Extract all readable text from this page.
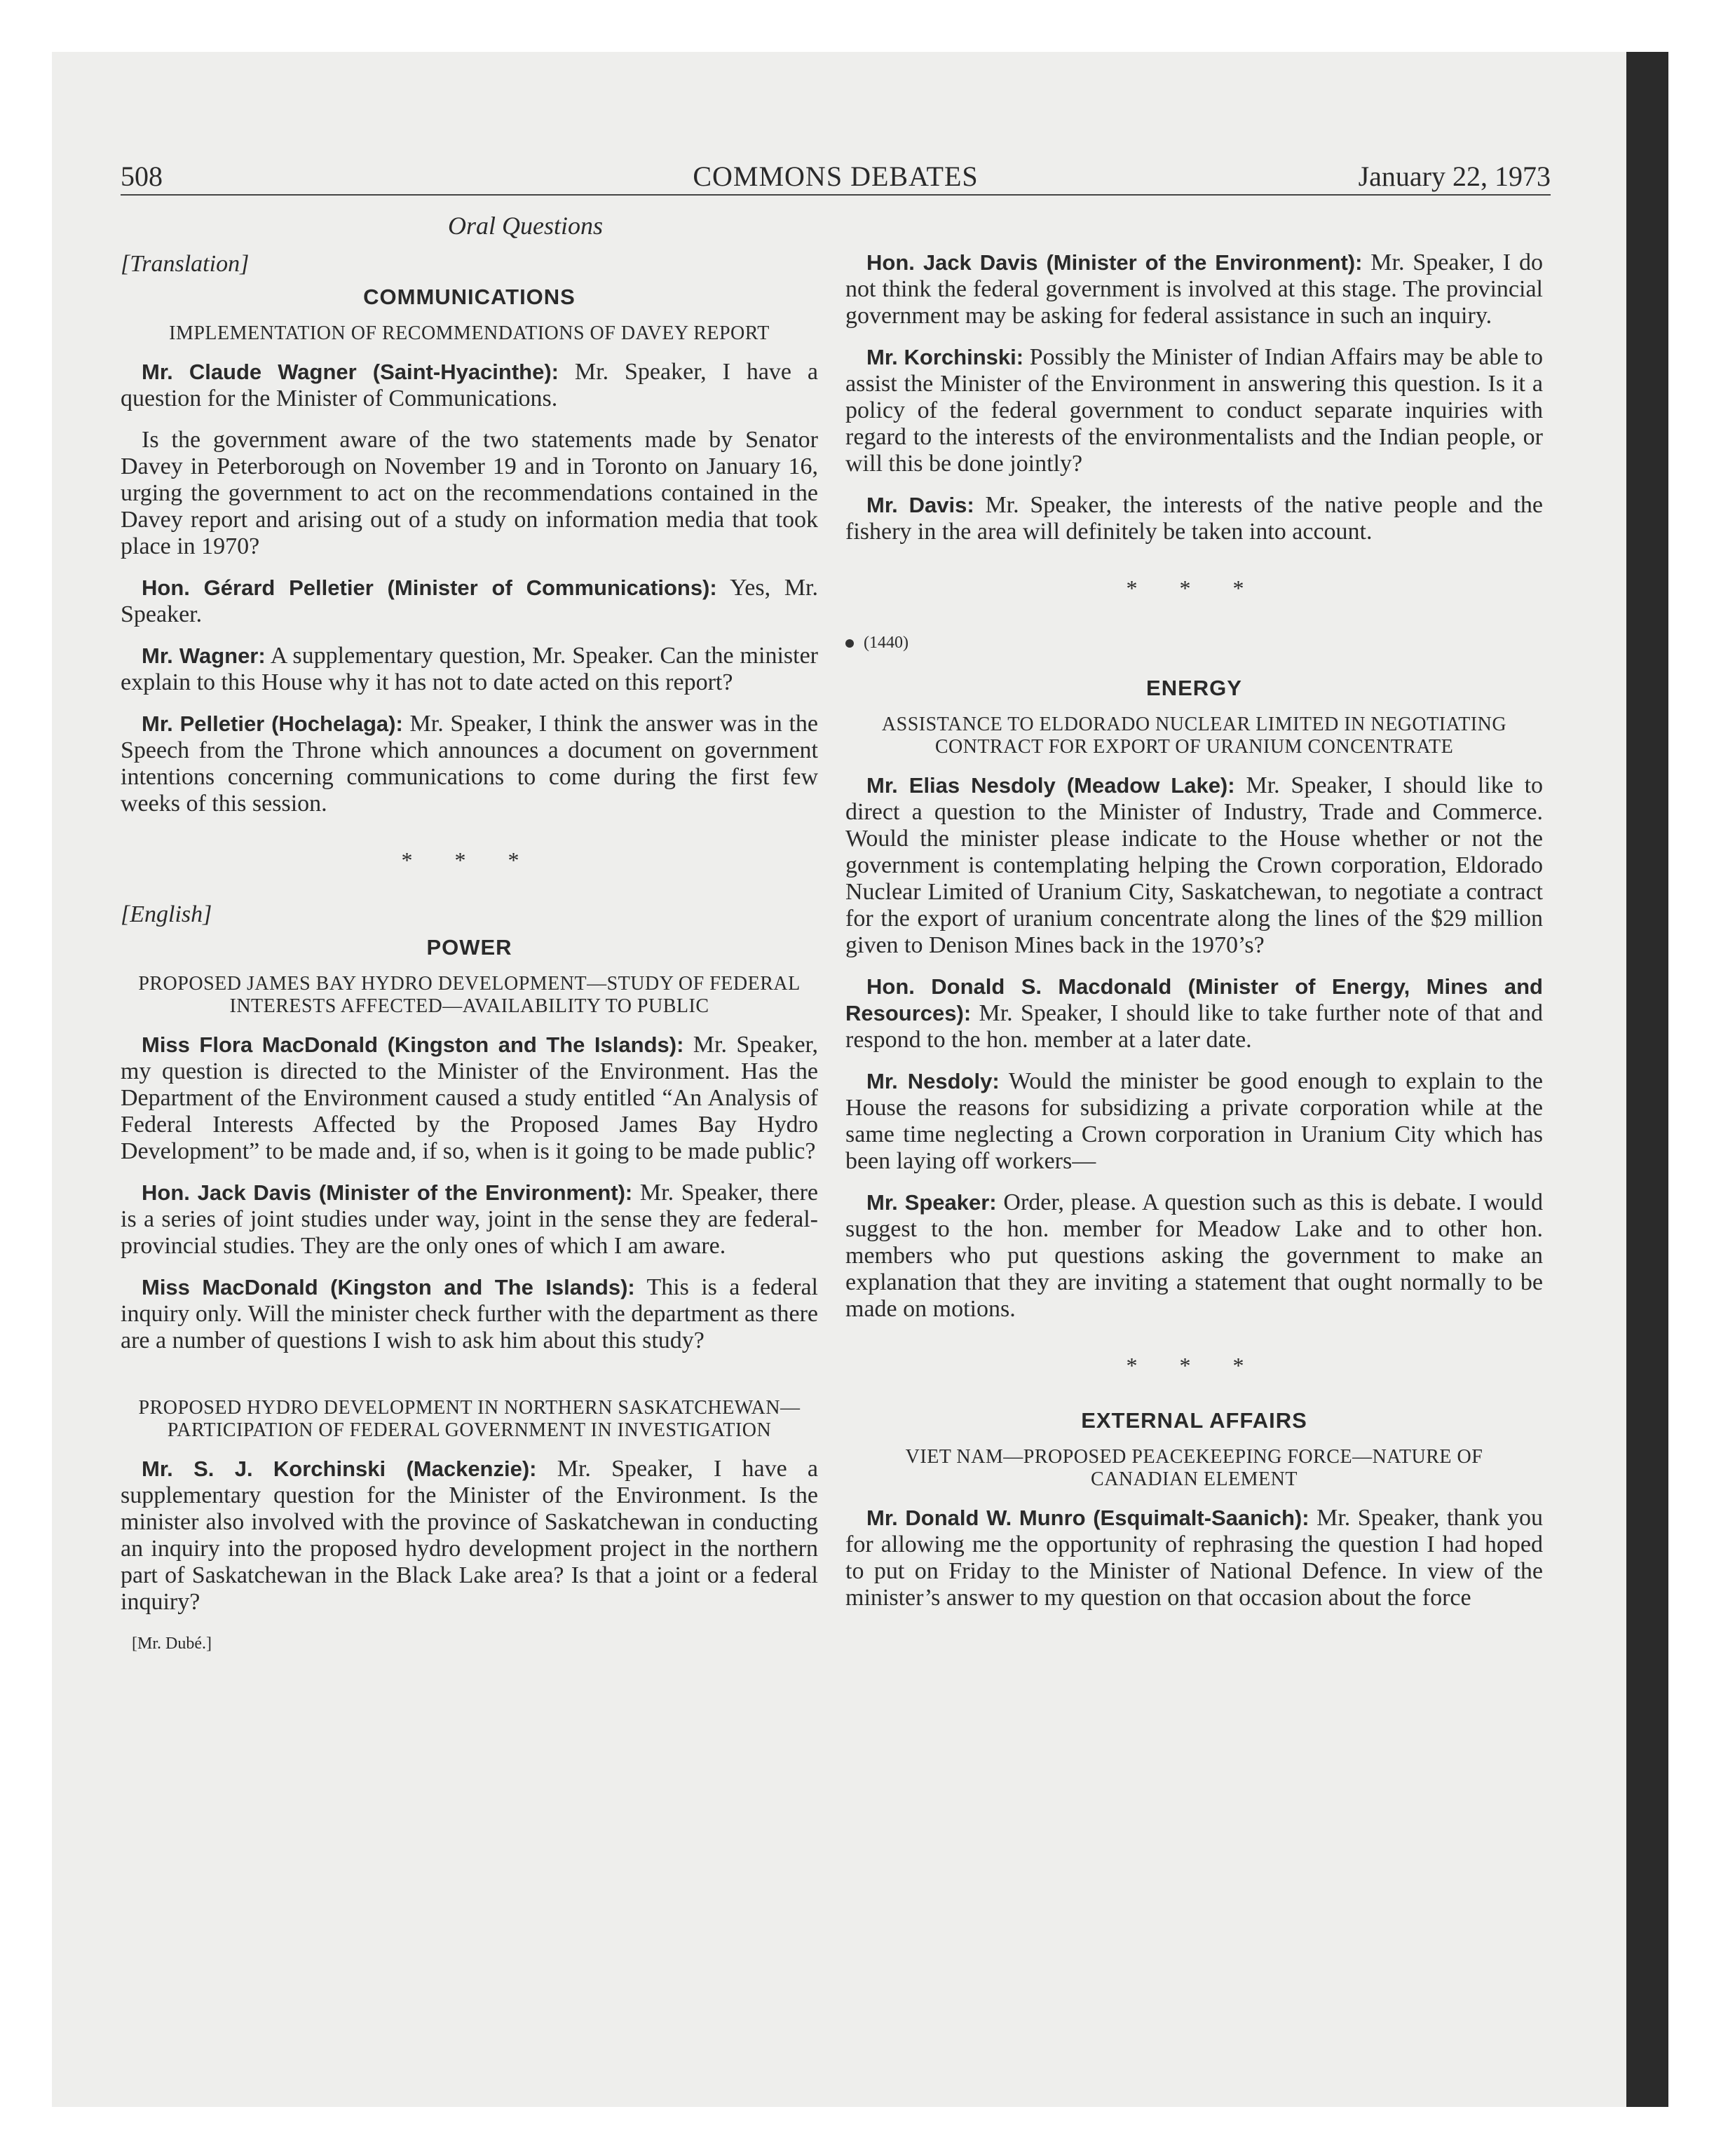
508	COMMONS DEBATES	January 22, 1973
Oral Questions
[Translation]
COMMUNICATIONS
IMPLEMENTATION OF RECOMMENDATIONS OF DAVEY REPORT

Mr. Claude Wagner (Saint-Hyacinthe): Mr. Speaker, I have a question for the Minister of Communications.

Is the government aware of the two statements made by Senator Davey in Peterborough on November 19 and in Toronto on January 16, urging the government to act on the recommendations contained in the Davey report and arising out of a study on information media that took place in 1970?

Hon. Gérard Pelletier (Minister of Communications): Yes, Mr. Speaker.

Mr. Wagner: A supplementary question, Mr. Speaker. Can the minister explain to this House why it has not to date acted on this report?

Mr. Pelletier (Hochelaga): Mr. Speaker, I think the answer was in the Speech from the Throne which announces a document on government intentions concerning communications to come during the first few weeks of this session.

* * *
[English]
POWER
PROPOSED JAMES BAY HYDRO DEVELOPMENT—STUDY OF FEDERAL INTERESTS AFFECTED—AVAILABILITY TO PUBLIC

Miss Flora MacDonald (Kingston and The Islands): Mr. Speaker, my question is directed to the Minister of the Environment. Has the Department of the Environment caused a study entitled “An Analysis of Federal Interests Affected by the Proposed James Bay Hydro Development” to be made and, if so, when is it going to be made public?

Hon. Jack Davis (Minister of the Environment): Mr. Speaker, there is a series of joint studies under way, joint in the sense they are federal-provincial studies. They are the only ones of which I am aware.

Miss MacDonald (Kingston and The Islands): This is a federal inquiry only. Will the minister check further with the department as there are a number of questions I wish to ask him about this study?

PROPOSED HYDRO DEVELOPMENT IN NORTHERN SASKATCHEWAN—PARTICIPATION OF FEDERAL GOVERNMENT IN INVESTIGATION

Mr. S. J. Korchinski (Mackenzie): Mr. Speaker, I have a supplementary question for the Minister of the Environment. Is the minister also involved with the province of Saskatchewan in conducting an inquiry into the proposed hydro development project in the northern part of Saskatchewan in the Black Lake area? Is that a joint or a federal inquiry?

[Mr. Dubé.]

Hon. Jack Davis (Minister of the Environment): Mr. Speaker, I do not think the federal government is involved at this stage. The provincial government may be asking for federal assistance in such an inquiry.

Mr. Korchinski: Possibly the Minister of Indian Affairs may be able to assist the Minister of the Environment in answering this question. Is it a policy of the federal government to conduct separate inquiries with regard to the interests of the environmentalists and the Indian people, or will this be done jointly?

Mr. Davis: Mr. Speaker, the interests of the native people and the fishery in the area will definitely be taken into account.

* * *
(1440)
ENERGY
ASSISTANCE TO ELDORADO NUCLEAR LIMITED IN NEGOTIATING CONTRACT FOR EXPORT OF URANIUM CONCENTRATE

Mr. Elias Nesdoly (Meadow Lake): Mr. Speaker, I should like to direct a question to the Minister of Industry, Trade and Commerce. Would the minister please indicate to the House whether or not the government is contemplating helping the Crown corporation, Eldorado Nuclear Limited of Uranium City, Saskatchewan, to negotiate a contract for the export of uranium concentrate along the lines of the $29 million given to Denison Mines back in the 1970’s?

Hon. Donald S. Macdonald (Minister of Energy, Mines and Resources): Mr. Speaker, I should like to take further note of that and respond to the hon. member at a later date.

Mr. Nesdoly: Would the minister be good enough to explain to the House the reasons for subsidizing a private corporation while at the same time neglecting a Crown corporation in Uranium City which has been laying off workers—

Mr. Speaker: Order, please. A question such as this is debate. I would suggest to the hon. member for Meadow Lake and to other hon. members who put questions asking the government to make an explanation that they are inviting a statement that ought normally to be made on motions.

* * *
EXTERNAL AFFAIRS
VIET NAM—PROPOSED PEACEKEEPING FORCE—NATURE OF CANADIAN ELEMENT

Mr. Donald W. Munro (Esquimalt-Saanich): Mr. Speaker, thank you for allowing me the opportunity of rephrasing the question I had hoped to put on Friday to the Minister of National Defence. In view of the minister’s answer to my question on that occasion about the force
